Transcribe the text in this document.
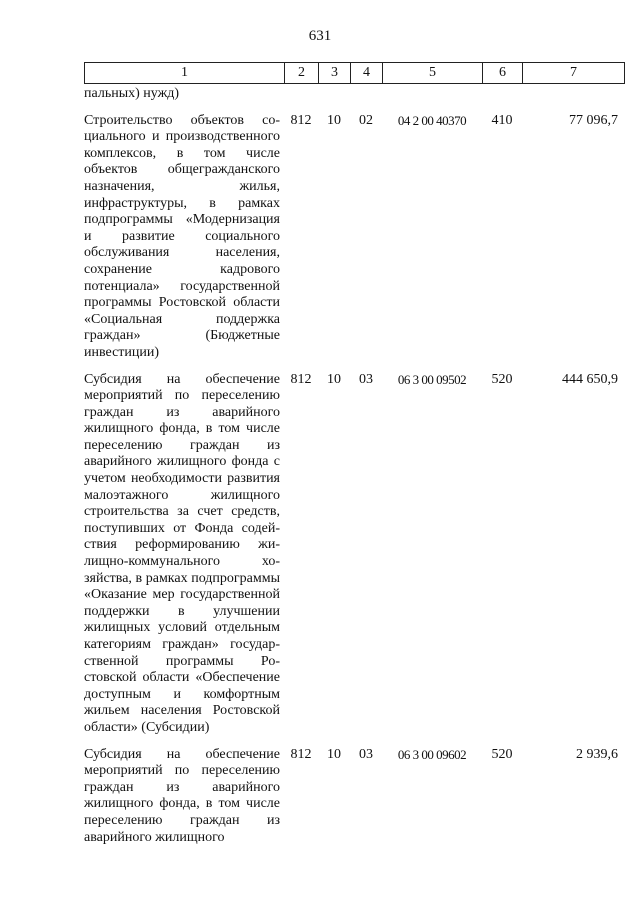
631
1	2	3	4	5	6	7
пальных) нужд)						
Строительство объектов социального и производственного комплексов, в том числе объектов общегражданского назначения, жилья, инфраструктуры, в рамках подпрограммы «Модернизация и развитие социального обслуживания населения, сохранение кадрового потенциала» государственной программы Ростовской области «Социальная поддержка граждан» (Бюджетные инвестиции)	812	10	02	04 2 00 40370	410	77 096,7
Субсидия на обеспечение мероприятий по переселению граждан из аварийного жилищного фонда, в том числе переселению граждан из аварийного жилищного фонда с учетом необходимости развития малоэтажного жилищного строительства за счет средств, поступивших от Фонда содействия реформированию жилищно-коммунального хозяйства, в рамках подпрограммы «Оказание мер государственной поддержки в улучшении жилищных условий отдельным категориям граждан» государственной программы Ростовской области «Обеспечение доступным и комфортным жильем населения Ростовской области» (Субсидии)	812	10	03	06 3 00 09502	520	444 650,9
Субсидия на обеспечение мероприятий по переселению граждан из аварийного жилищного фонда, в том числе переселению граждан из аварийного жилищного	812	10	03	06 3 00 09602	520	2 939,6
